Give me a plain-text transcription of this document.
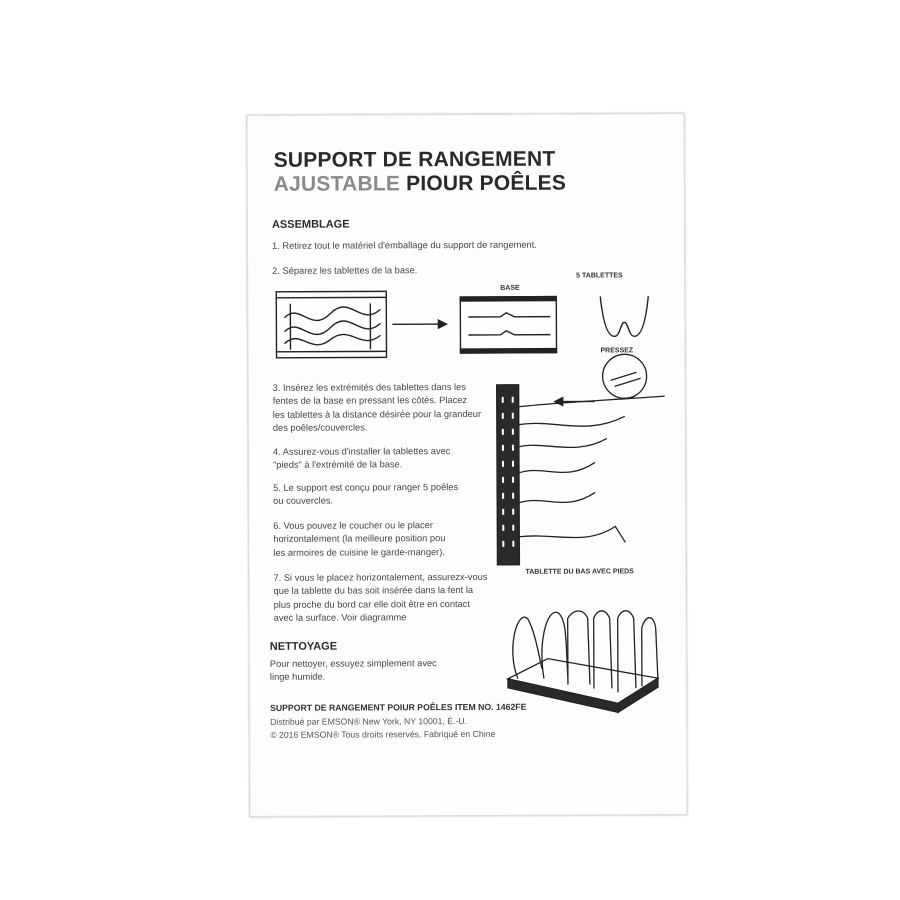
SUPPORT DE RANGEMENT
AJUSTABLE PIOUR POÊLES
ASSEMBLAGE
1. Retirez tout le matériel d'emballage du support de rangement.
2. Séparez les tablettes de la base.
BASE
5 TABLETTES
3. Insérez les extrémités des tablettes dans les
fentes de la base en pressant les côtés. Placez
les tablettes à la distance désirée pour la grandeur
des poêles/couvercles.
4. Assurez-vous d'installer la tablettes avec
"pieds" à l'extrémité de la base.
5. Le support est conçu pour ranger 5 poêles
ou couvercles.
6. Vous pouvez le coucher ou le placer
horizontalement (la meilleure position pou
les armoires de cuisine le garde-manger).
7. Si vous le placez horizontalement, assurezx-vous
que la tablette du bas soit insérée dans la fent la
plus proche du bord car elle doit être en contact
avec la surface. Voir diagramme
PRESSEZ
TABLETTE DU BAS AVEC PIEDS
NETTOYAGE
Pour nettoyer, essuyez simplement avec
linge humide.
SUPPORT DE RANGEMENT POIUR POÊLES ITEM NO. 1462FE
Distribué par EMSON® New York, NY 10001, É.-U.
© 2016 EMSON® Tous droits reservés. Fabriqué en Chine
